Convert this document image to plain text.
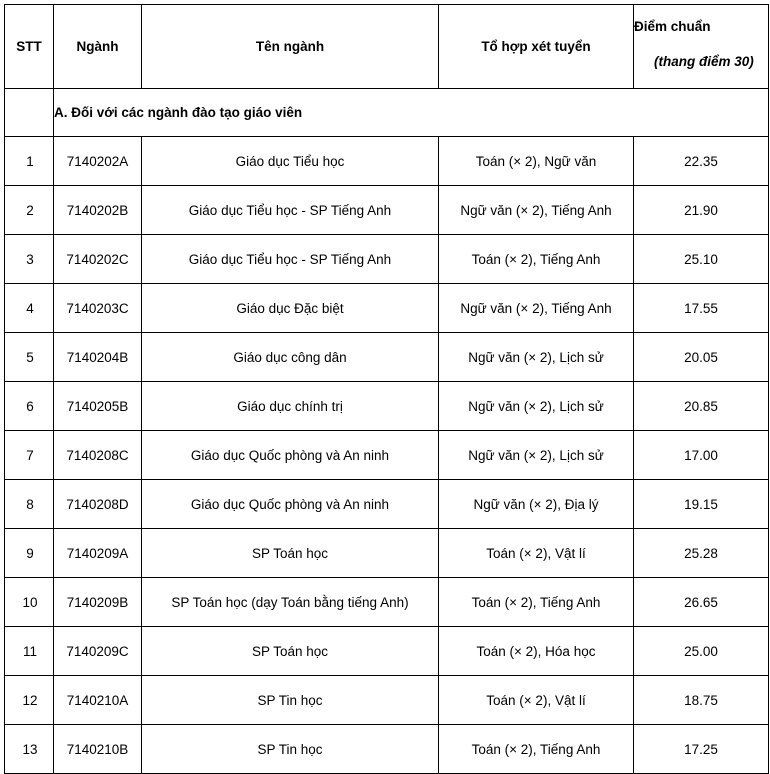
STT	Ngành	Tên ngành	Tổ hợp xét tuyển	Điểm chuẩn
(thang điểm 30)

	A. Đối với các ngành đào tạo giáo viên			
1	7140202A	Giáo dục Tiểu học	Toán (× 2), Ngữ văn	22.35
2	7140202B	Giáo dục Tiểu học - SP Tiếng Anh	Ngữ văn (× 2), Tiếng Anh	21.90
3	7140202C	Giáo dục Tiểu học - SP Tiếng Anh	Toán (× 2), Tiếng Anh	25.10
4	7140203C	Giáo dục Đặc biệt	Ngữ văn (× 2), Tiếng Anh	17.55
5	7140204B	Giáo dục công dân	Ngữ văn (× 2), Lịch sử	20.05
6	7140205B	Giáo dục chính trị	Ngữ văn (× 2), Lịch sử	20.85
7	7140208C	Giáo dục Quốc phòng và An ninh	Ngữ văn (× 2), Lịch sử	17.00
8	7140208D	Giáo dục Quốc phòng và An ninh	Ngữ văn (× 2), Địa lý	19.15
9	7140209A	SP Toán học	Toán (× 2), Vật lí	25.28
10	7140209B	SP Toán học (dạy Toán bằng tiếng Anh)	Toán (× 2), Tiếng Anh	26.65
11	7140209C	SP Toán học	Toán (× 2), Hóa học	25.00
12	7140210A	SP Tin học	Toán (× 2), Vật lí	18.75
13	7140210B	SP Tin học	Toán (× 2), Tiếng Anh	17.25
